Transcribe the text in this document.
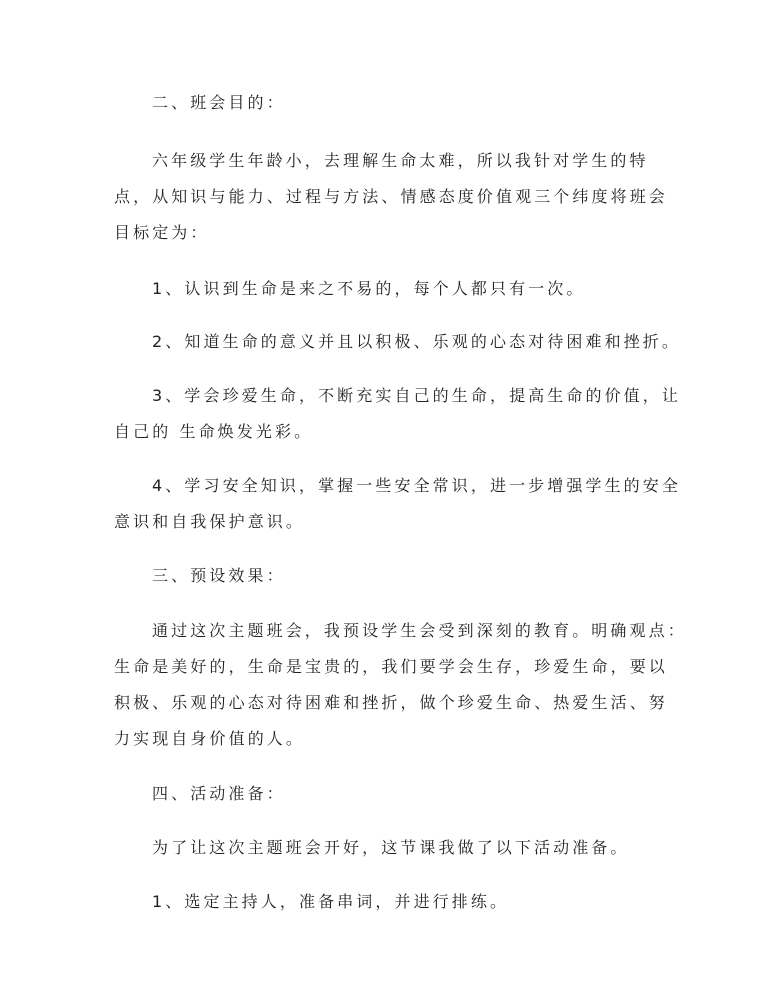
二、班会目的：

六年级学生年龄小，去理解生命太难，所以我针对学生的特

点，从知识与能力、过程与方法、情感态度价值观三个纬度将班会

目标定为：

1、认识到生命是来之不易的，每个人都只有一次。

2、知道生命的意义并且以积极、乐观的心态对待困难和挫折。

3、学会珍爱生命，不断充实自己的生命，提高生命的价值，让

自己的 生命焕发光彩。

4、学习安全知识，掌握一些安全常识，进一步增强学生的安全

意识和自我保护意识。

三、预设效果：

通过这次主题班会，我预设学生会受到深刻的教育。明确观点：

生命是美好的，生命是宝贵的，我们要学会生存，珍爱生命，要以

积极、乐观的心态对待困难和挫折，做个珍爱生命、热爱生活、努

力实现自身价值的人。

四、活动准备：

为了让这次主题班会开好，这节课我做了以下活动准备。

1、选定主持人，准备串词，并进行排练。
